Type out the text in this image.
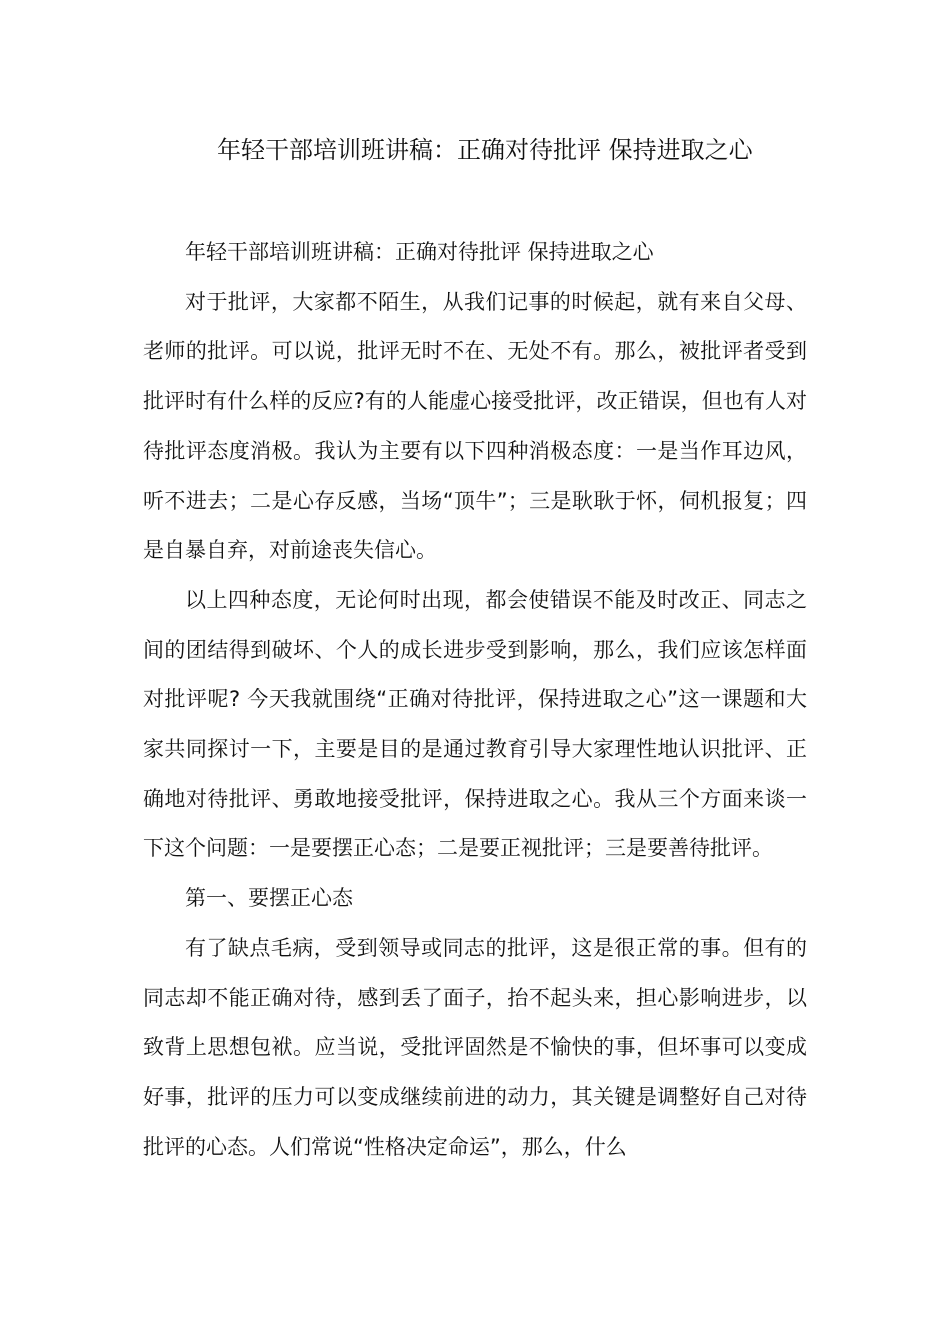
年轻干部培训班讲稿：正确对待批评 保持进取之心

年轻干部培训班讲稿：正确对待批评 保持进取之心

对于批评，大家都不陌生，从我们记事的时候起，就有来自父母、老师的批评。可以说，批评无时不在、无处不有。那么，被批评者受到批评时有什么样的反应?有的人能虚心接受批评，改正错误，但也有人对待批评态度消极。我认为主要有以下四种消极态度：一是当作耳边风，听不进去；二是心存反感，当场“顶牛”；三是耿耿于怀，伺机报复；四是自暴自弃，对前途丧失信心。

以上四种态度，无论何时出现，都会使错误不能及时改正、同志之间的团结得到破坏、个人的成长进步受到影响，那么，我们应该怎样面对批评呢? 今天我就围绕“正确对待批评，保持进取之心”这一课题和大家共同探讨一下，主要是目的是通过教育引导大家理性地认识批评、正确地对待批评、勇敢地接受批评，保持进取之心。我从三个方面来谈一下这个问题：一是要摆正心态；二是要正视批评；三是要善待批评。

第一、要摆正心态

有了缺点毛病，受到领导或同志的批评，这是很正常的事。但有的同志却不能正确对待，感到丢了面子，抬不起头来，担心影响进步，以致背上思想包袱。应当说，受批评固然是不愉快的事，但坏事可以变成好事，批评的压力可以变成继续前进的动力，其关键是调整好自己对待批评的心态。人们常说“性格决定命运”，那么，什么
